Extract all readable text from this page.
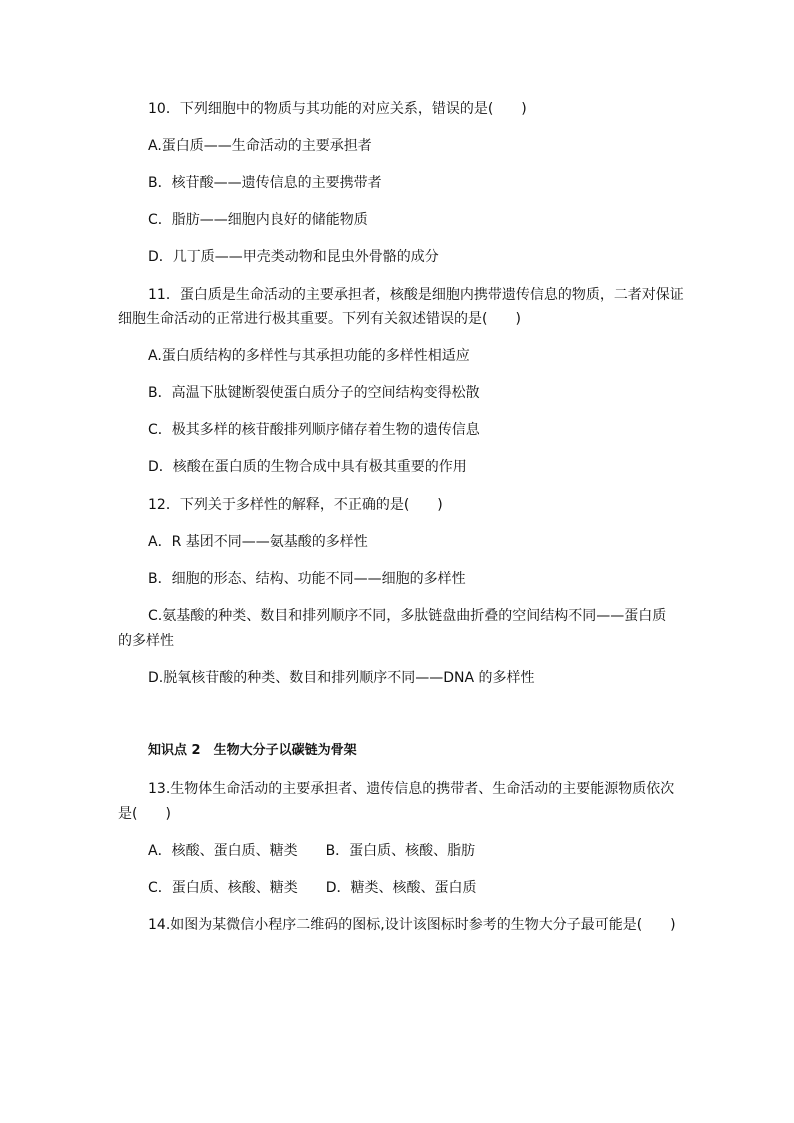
10．下列细胞中的物质与其功能的对应关系，错误的是(　　)
A.蛋白质——生命活动的主要承担者
B．核苷酸——遗传信息的主要携带者
C．脂肪——细胞内良好的储能物质
D．几丁质——甲壳类动物和昆虫外骨骼的成分
11．蛋白质是生命活动的主要承担者，核酸是细胞内携带遗传信息的物质，二者对保证
细胞生命活动的正常进行极其重要。下列有关叙述错误的是(　　)
A.蛋白质结构的多样性与其承担功能的多样性相适应
B．高温下肽键断裂使蛋白质分子的空间结构变得松散
C．极其多样的核苷酸排列顺序储存着生物的遗传信息
D．核酸在蛋白质的生物合成中具有极其重要的作用
12．下列关于多样性的解释，不正确的是(　　)
A．R 基团不同——氨基酸的多样性
B．细胞的形态、结构、功能不同——细胞的多样性
C.氨基酸的种类、数目和排列顺序不同，多肽链盘曲折叠的空间结构不同——蛋白质
的多样性
D.脱氧核苷酸的种类、数目和排列顺序不同——DNA 的多样性
知识点 2　生物大分子以碳链为骨架
13.生物体生命活动的主要承担者、遗传信息的携带者、生命活动的主要能源物质依次
是(　　)
A．核酸、蛋白质、糖类　　B．蛋白质、核酸、脂肪
C．蛋白质、核酸、糖类　　D．糖类、核酸、蛋白质
14.如图为某微信小程序二维码的图标,设计该图标时参考的生物大分子最可能是(　　)
